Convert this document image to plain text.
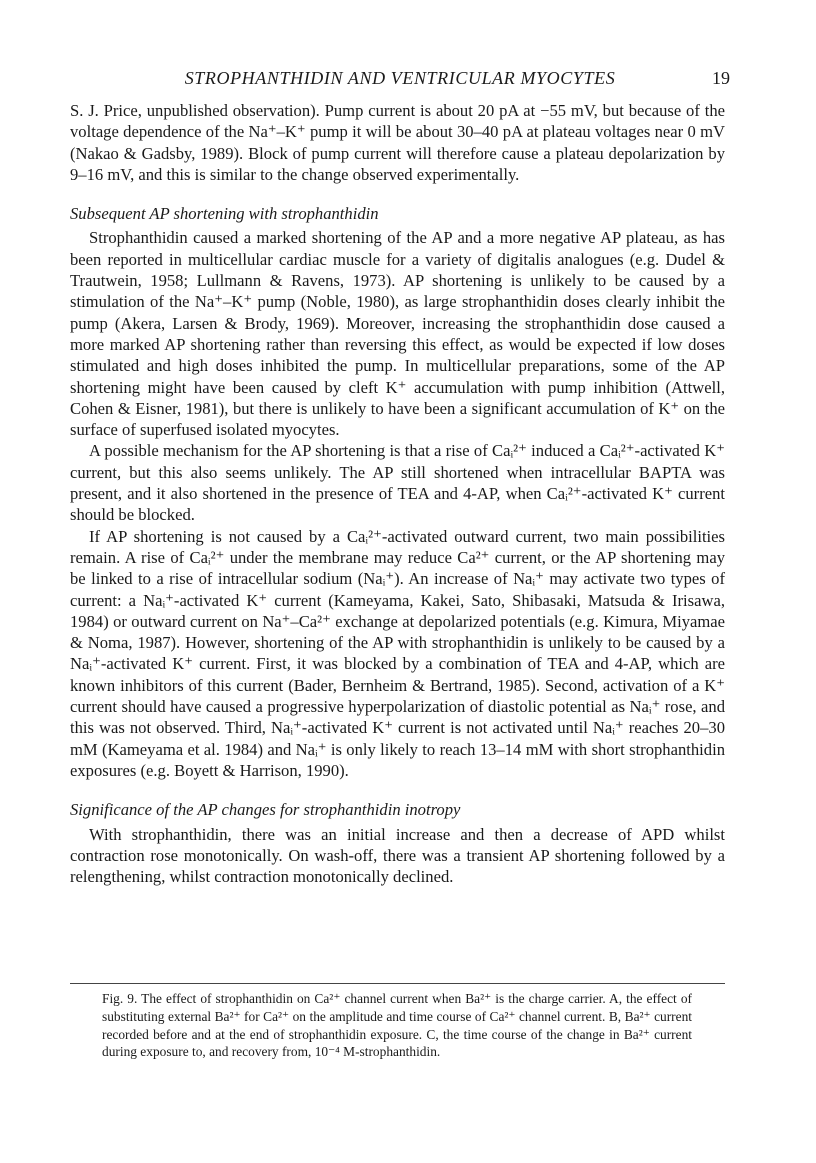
STROPHANTHIDIN AND VENTRICULAR MYOCYTES	19

S. J. Price, unpublished observation). Pump current is about 20 pA at −55 mV, but because of the voltage dependence of the Na⁺–K⁺ pump it will be about 30–40 pA at plateau voltages near 0 mV (Nakao & Gadsby, 1989). Block of pump current will therefore cause a plateau depolarization by 9–16 mV, and this is similar to the change observed experimentally.

Subsequent AP shortening with strophanthidin

Strophanthidin caused a marked shortening of the AP and a more negative AP plateau, as has been reported in multicellular cardiac muscle for a variety of digitalis analogues (e.g. Dudel & Trautwein, 1958; Lullmann & Ravens, 1973). AP shortening is unlikely to be caused by a stimulation of the Na⁺–K⁺ pump (Noble, 1980), as large strophanthidin doses clearly inhibit the pump (Akera, Larsen & Brody, 1969). Moreover, increasing the strophanthidin dose caused a more marked AP shortening rather than reversing this effect, as would be expected if low doses stimulated and high doses inhibited the pump. In multicellular preparations, some of the AP shortening might have been caused by cleft K⁺ accumulation with pump inhibition (Attwell, Cohen & Eisner, 1981), but there is unlikely to have been a significant accumulation of K⁺ on the surface of superfused isolated myocytes.

A possible mechanism for the AP shortening is that a rise of Caᵢ²⁺ induced a Caᵢ²⁺-activated K⁺ current, but this also seems unlikely. The AP still shortened when intracellular BAPTA was present, and it also shortened in the presence of TEA and 4-AP, when Caᵢ²⁺-activated K⁺ current should be blocked.

If AP shortening is not caused by a Caᵢ²⁺-activated outward current, two main possibilities remain. A rise of Caᵢ²⁺ under the membrane may reduce Ca²⁺ current, or the AP shortening may be linked to a rise of intracellular sodium (Naᵢ⁺). An increase of Naᵢ⁺ may activate two types of current: a Naᵢ⁺-activated K⁺ current (Kameyama, Kakei, Sato, Shibasaki, Matsuda & Irisawa, 1984) or outward current on Na⁺–Ca²⁺ exchange at depolarized potentials (e.g. Kimura, Miyamae & Noma, 1987). However, shortening of the AP with strophanthidin is unlikely to be caused by a Naᵢ⁺-activated K⁺ current. First, it was blocked by a combination of TEA and 4-AP, which are known inhibitors of this current (Bader, Bernheim & Bertrand, 1985). Second, activation of a K⁺ current should have caused a progressive hyperpolarization of diastolic potential as Naᵢ⁺ rose, and this was not observed. Third, Naᵢ⁺-activated K⁺ current is not activated until Naᵢ⁺ reaches 20–30 mM (Kameyama et al. 1984) and Naᵢ⁺ is only likely to reach 13–14 mM with short strophanthidin exposures (e.g. Boyett & Harrison, 1990).

Significance of the AP changes for strophanthidin inotropy

With strophanthidin, there was an initial increase and then a decrease of APD whilst contraction rose monotonically. On wash-off, there was a transient AP shortening followed by a relengthening, whilst contraction monotonically declined.

Fig. 9. The effect of strophanthidin on Ca²⁺ channel current when Ba²⁺ is the charge carrier. A, the effect of substituting external Ba²⁺ for Ca²⁺ on the amplitude and time course of Ca²⁺ channel current. B, Ba²⁺ current recorded before and at the end of strophanthidin exposure. C, the time course of the change in Ba²⁺ current during exposure to, and recovery from, 10⁻⁴ M-strophanthidin.
